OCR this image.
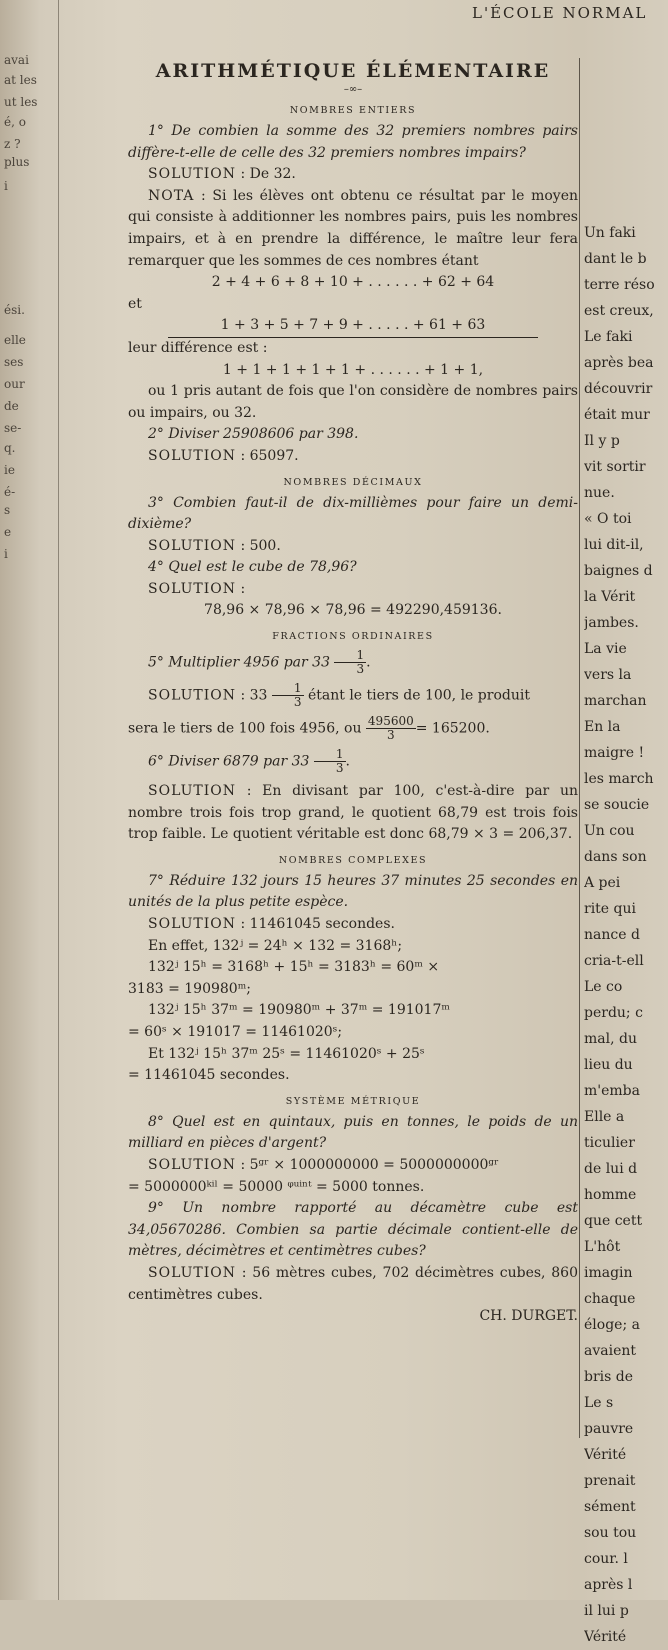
avai
at les
ut les
é, o
z ?
plus
i
ési.
elle
ses
our
de
se-
q.
ie
é-
s
e
i
L'ÉCOLE NORMAL
ARITHMÉTIQUE ÉLÉMENTAIRE
–∞–
NOMBRES ENTIERS

1° De combien la somme des 32 premiers nombres pairs diffère-t-elle de celle des 32 premiers nombres impairs?

SOLUTION : De 32.

NOTA : Si les élèves ont obtenu ce résultat par le moyen qui consiste à additionner les nombres pairs, puis les nombres impairs, et à en prendre la différence, le maître leur fera remarquer que les sommes de ces nombres étant

2 + 4 + 6 + 8 + 10 + . . . . . . + 62 + 64
et
1 + 3 + 5 + 7 + 9 + . . . . . + 61 + 63
leur différence est :
1 + 1 + 1 + 1 + 1 + . . . . . . + 1 + 1,

ou 1 pris autant de fois que l'on considère de nombres pairs ou impairs, ou 32.

2° Diviser 25908606 par 398.

SOLUTION : 65097.

NOMBRES DÉCIMAUX

3° Combien faut-il de dix-millièmes pour faire un demi-dixième?

SOLUTION : 500.

4° Quel est le cube de 78,96?

SOLUTION :

78,96 × 78,96 × 78,96 = 492290,459136.
FRACTIONS ORDINAIRES

5° Multiplier 4956 par $33 \frac{1}{3}$ .

SOLUTION : $33 \frac{1}{3}$ étant le tiers de 100, le produit

sera le tiers de 100 fois 4956, ou $\frac{495600}{3} = 165200$.

6° Diviser 6879 par $33 \frac{1}{3}$ .

SOLUTION : En divisant par 100, c'est-à-dire par un nombre trois fois trop grand, le quotient 68,79 est trois fois trop faible. Le quotient véritable est donc 68,79 × 3 = 206,37.

NOMBRES COMPLEXES

7° Réduire 132 jours 15 heures 37 minutes 25 secondes en unités de la plus petite espèce.

SOLUTION : 11461045 secondes.

En effet, 132ʲ = 24ʰ × 132 = 3168ʰ;
132ʲ 15ʰ = 3168ʰ + 15ʰ = 3183ʰ = 60ᵐ ×
3183 = 190980ᵐ;
132ʲ 15ʰ 37ᵐ = 190980ᵐ + 37ᵐ = 191017ᵐ
= 60ˢ × 191017 = 11461020ˢ;
Et 132ʲ 15ʰ 37ᵐ 25ˢ = 11461020ˢ + 25ˢ
= 11461045 secondes.
SYSTÈME MÉTRIQUE

8° Quel est en quintaux, puis en tonnes, le poids de un milliard en pièces d'argent?

SOLUTION : 5ᵍʳ × 1000000000 = 5000000000ᵍʳ
= 5000000ᵏⁱˡ = 50000 ᵠᵘⁱⁿᵗ = 5000 tonnes.

9° Un nombre rapporté au décamètre cube est 34,05670286. Combien sa partie décimale contient-elle de mètres, décimètres et centimètres cubes?

SOLUTION : 56 mètres cubes, 702 décimètres cubes, 860 centimètres cubes.

CH. DURGET.
Un faki
dant le b
terre réso
est creux,
Le faki
après bea
découvrir
était mur
Il y p
vit sortir
nue.
« O toi
lui dit-il,
baignes d
la Vérit
jambes.
La vie
vers la
marchan
En la
maigre !
les march
se soucie
Un cou
dans son
A pei
rite qui
nance d
cria-t-ell
Le co
perdu; c
mal, du
lieu du
m'emba
Elle a
ticulier
de lui d
homme
que cett
L'hôt
imagin
chaque
éloge; a
avaient
bris de
Le s
pauvre
Vérité
prenait
sément
sou tou
cour. l
après l
il lui p
Vérité
